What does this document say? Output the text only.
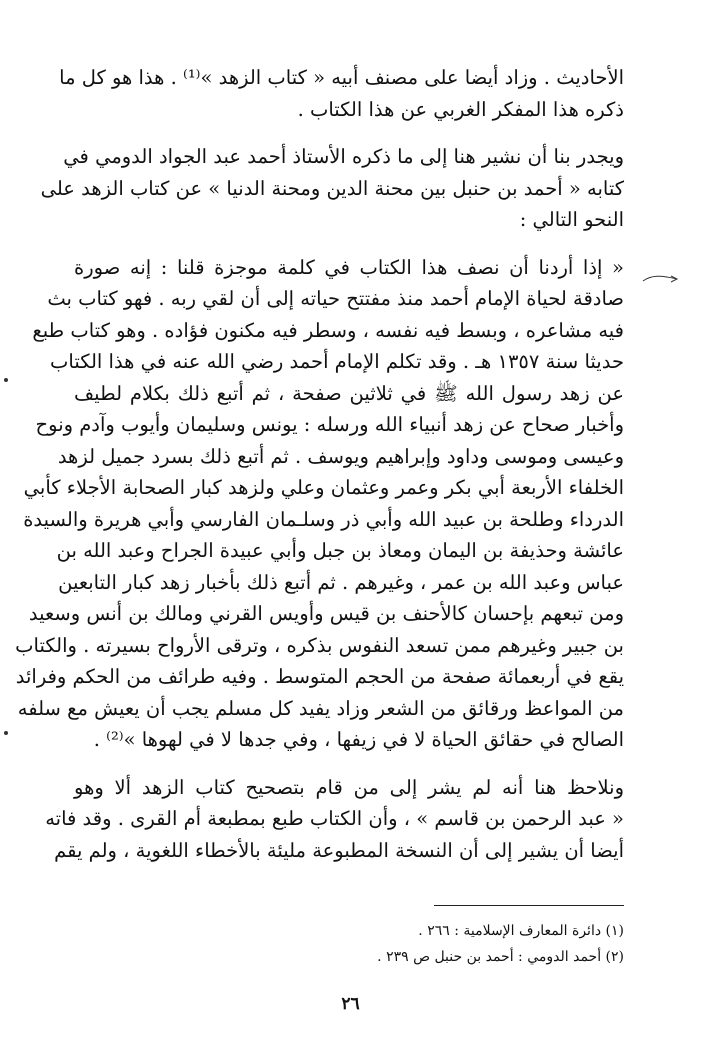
الأحاديث . وزاد أيضا على مصنف أبيه « كتاب الزهد »⁽¹⁾ . هذا هو كل ما
ذكره هذا المفكر الغربي عن هذا الكتاب .

ويجدر بنا أن نشير هنا إلى ما ذكره الأستاذ أحمد عبد الجواد الدومي في
كتابه « أحمد بن حنبل بين محنة الدين ومحنة الدنيا » عن كتاب الزهد على
النحو التالي :

« إذا أردنا أن نصف هذا الكتاب في كلمة موجزة قلنا : إنه صورة
صادقة لحياة الإمام أحمد منذ مفتتح حياته إلى أن لقي ربه . فهو كتاب بث
فيه مشاعره ، وبسط فيه نفسه ، وسطر فيه مكنون فؤاده . وهو كتاب طبع
حديثا سنة ١٣٥٧ هـ . وقد تكلم الإمام أحمد رضي الله عنه في هذا الكتاب
عن زهد رسول الله ﷺ في ثلاثين صفحة ، ثم أتبع ذلك بكلام لطيف
وأخبار صحاح عن زهد أنبياء الله ورسله : يونس وسليمان وأيوب وآدم ونوح
وعيسى وموسى وداود وإبراهيم ويوسف . ثم أتبع ذلك بسرد جميل لزهد
الخلفاء الأربعة أبي بكر وعمر وعثمان وعلي ولزهد كبار الصحابة الأجلاء كأبي
الدرداء وطلحة بن عبيد الله وأبي ذر وسلـمان الفارسي وأبي هريرة والسيدة
عائشة وحذيفة بن اليمان ومعاذ بن جبل وأبي عبيدة الجراح وعبد الله بن
عباس وعبد الله بن عمر ، وغيرهم . ثم أتبع ذلك بأخبار زهد كبار التابعين
ومن تبعهم بإحسان كالأحنف بن قيس وأويس القرني ومالك بن أنس وسعيد
بن جبير وغيرهم ممن تسعد النفوس بذكره ، وترقى الأرواح بسيرته . والكتاب
يقع في أربعمائة صفحة من الحجم المتوسط . وفيه طرائف من الحكم وفرائد
من المواعظ ورقائق من الشعر وزاد يفيد كل مسلم يجب أن يعيش مع سلفه
الصالح في حقائق الحياة لا في زيفها ، وفي جدها لا في لهوها »⁽²⁾ .

ونلاحظ هنا أنه لم يشر إلى من قام بتصحيح كتاب الزهد ألا وهو
« عبد الرحمن بن قاسم » ، وأن الكتاب طبع بمطبعة أم القرى . وقد فاته
أيضا أن يشير إلى أن النسخة المطبوعة مليئة بالأخطاء اللغوية ، ولم يقم

(١) دائرة المعارف الإسلامية : ٢٦٦ .
(٢) أحمد الدومي : أحمد بن حنبل ص ٢٣٩ .
٢٦
